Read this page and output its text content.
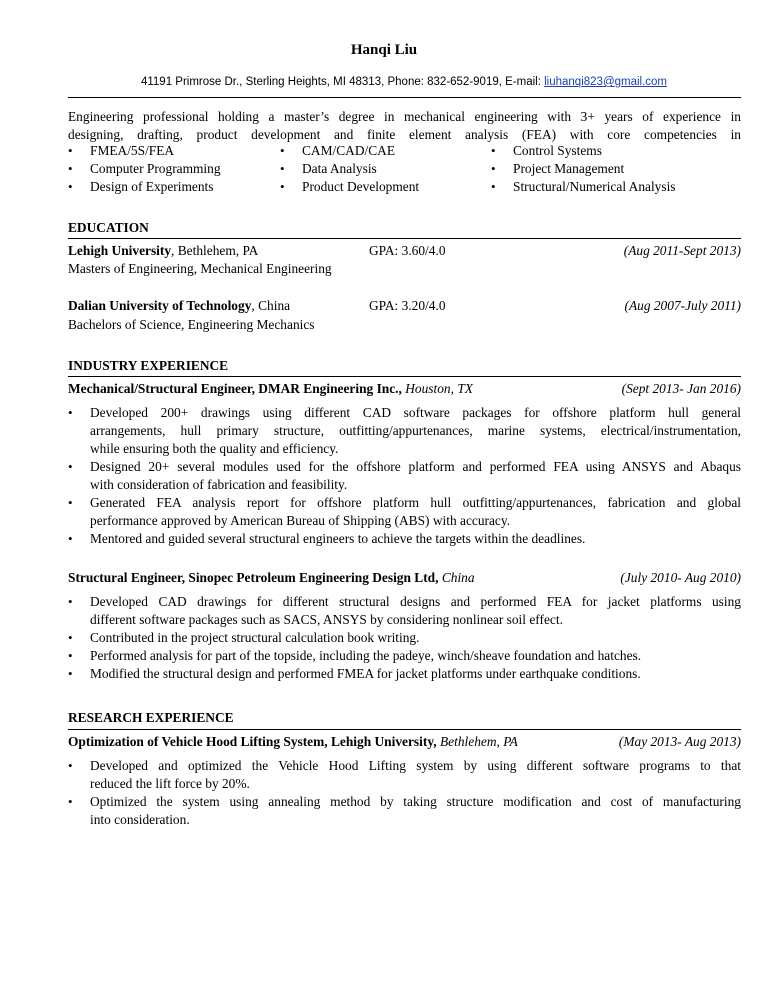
Hanqi Liu
41191 Primrose Dr., Sterling Heights, MI 48313, Phone: 832-652-9019, E-mail: liuhanqi823@gmail.com
Engineering professional holding a master’s degree in mechanical engineering with 3+ years of experience in
designing, drafting, product development and finite element analysis (FEA) with core competencies in
•
FMEA/5S/FEA •	CAM/CAD/CAE •	Control Systems
•
Computer Programming •	Data Analysis •	Project Management
•
Design of Experiments •	Product Development •	Structural/Numerical Analysis
EDUCATION
Lehigh University, Bethlehem, PA	GPA: 3.60/4.0	(Aug 2011-Sept 2013)
Masters of Engineering, Mechanical Engineering
Dalian University of Technology, China	GPA: 3.20/4.0	(Aug 2007-July 2011)
Bachelors of Science, Engineering Mechanics
INDUSTRY EXPERIENCE
Mechanical/Structural Engineer, DMAR Engineering Inc., Houston, TX	(Sept 2013- Jan 2016)
•
Developed 200+ drawings using different CAD software packages for offshore platform hull general
arrangements, hull primary structure, outfitting/appurtenances, marine systems, electrical/instrumentation,
while ensuring both the quality and efficiency.
•
Designed 20+ several modules used for the offshore platform and performed FEA using ANSYS and Abaqus
with consideration of fabrication and feasibility.
•
Generated FEA analysis report for offshore platform hull outfitting/appurtenances, fabrication and global
performance approved by American Bureau of Shipping (ABS) with accuracy.
•
Mentored and guided several structural engineers to achieve the targets within the deadlines.
Structural Engineer, Sinopec Petroleum Engineering Design Ltd, China	(July 2010- Aug 2010)
•
Developed CAD drawings for different structural designs and performed FEA for jacket platforms using
different software packages such as SACS, ANSYS by considering nonlinear soil effect.
•
Contributed in the project structural calculation book writing.
•
Performed analysis for part of the topside, including the padeye, winch/sheave foundation and hatches.
•
Modified the structural design and performed FMEA for jacket platforms under earthquake conditions.
RESEARCH EXPERIENCE
Optimization of Vehicle Hood Lifting System, Lehigh University, Bethlehem, PA	(May 2013- Aug 2013)
•
Developed and optimized the Vehicle Hood Lifting system by using different software programs to that
reduced the lift force by 20%.
•
Optimized the system using annealing method by taking structure modification and cost of manufacturing
into consideration.
